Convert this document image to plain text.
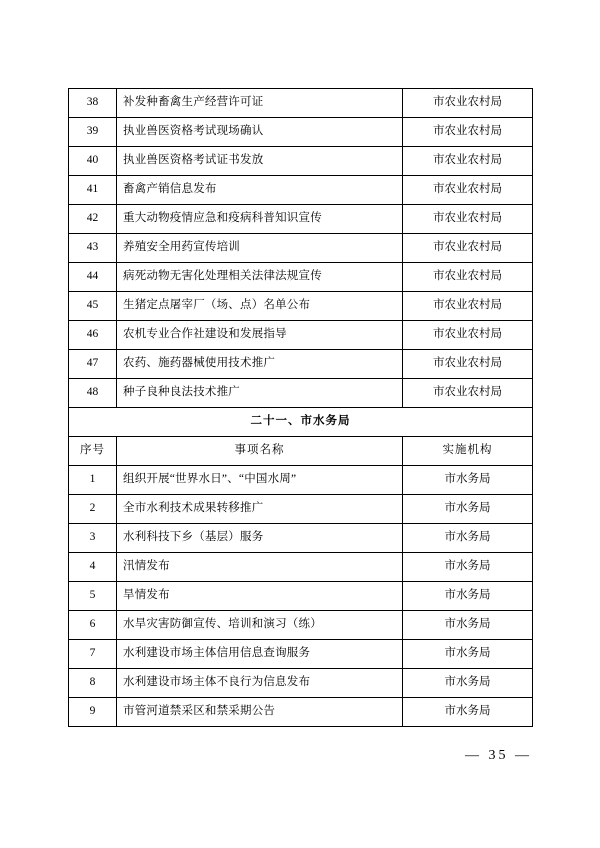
38	补发种畜禽生产经营许可证	市农业农村局
39	执业兽医资格考试现场确认	市农业农村局
40	执业兽医资格考试证书发放	市农业农村局
41	畜禽产销信息发布	市农业农村局
42	重大动物疫情应急和疫病科普知识宣传	市农业农村局
43	养殖安全用药宣传培训	市农业农村局
44	病死动物无害化处理相关法律法规宣传	市农业农村局
45	生猪定点屠宰厂（场、点）名单公布	市农业农村局
46	农机专业合作社建设和发展指导	市农业农村局
47	农药、施药器械使用技术推广	市农业农村局
48	种子良种良法技术推广	市农业农村局
二十一、市水务局		
序号	事项名称	实施机构
1	组织开展“世界水日”、“中国水周”	市水务局
2	全市水利技术成果转移推广	市水务局
3	水利科技下乡（基层）服务	市水务局
4	汛情发布	市水务局
5	旱情发布	市水务局
6	水旱灾害防御宣传、培训和演习（练）	市水务局
7	水利建设市场主体信用信息查询服务	市水务局
8	水利建设市场主体不良行为信息发布	市水务局
9	市管河道禁采区和禁采期公告	市水务局
— 35 —
